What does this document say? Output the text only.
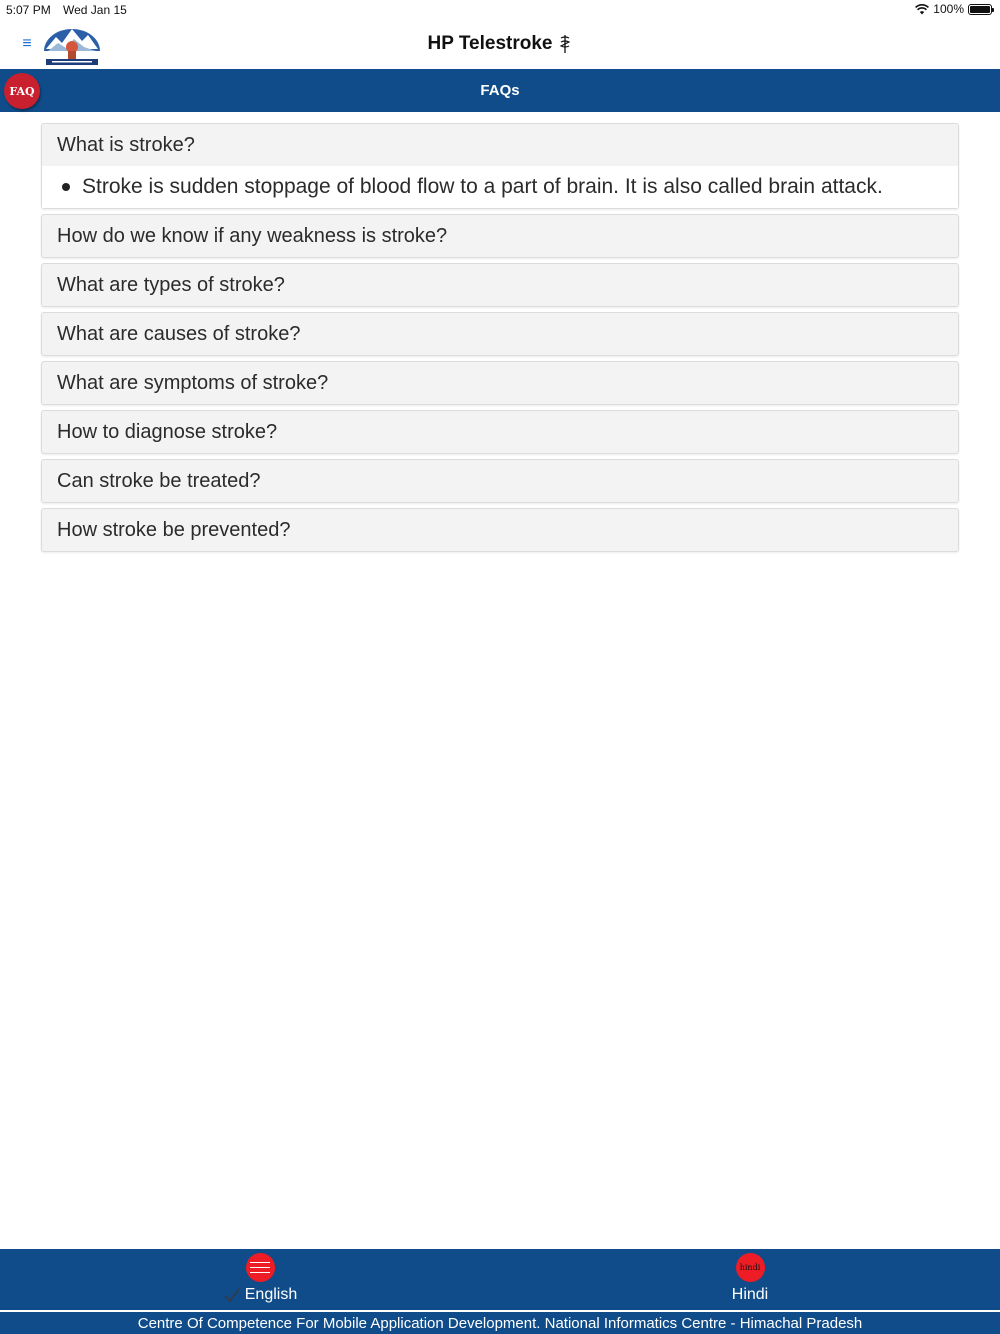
5:07 PM Wed Jan 15	100%
≡	HP Telestroke
FAQ	FAQs
What is stroke?
Stroke is sudden stoppage of blood flow to a part of brain. It is also called brain attack.
How do we know if any weakness is stroke?
What are types of stroke?
What are causes of stroke?
What are symptoms of stroke?
How to diagnose stroke?
Can stroke be treated?
How stroke be prevented?
English
hindi
Hindi
Centre Of Competence For Mobile Application Development. National Informatics Centre - Himachal Pradesh
